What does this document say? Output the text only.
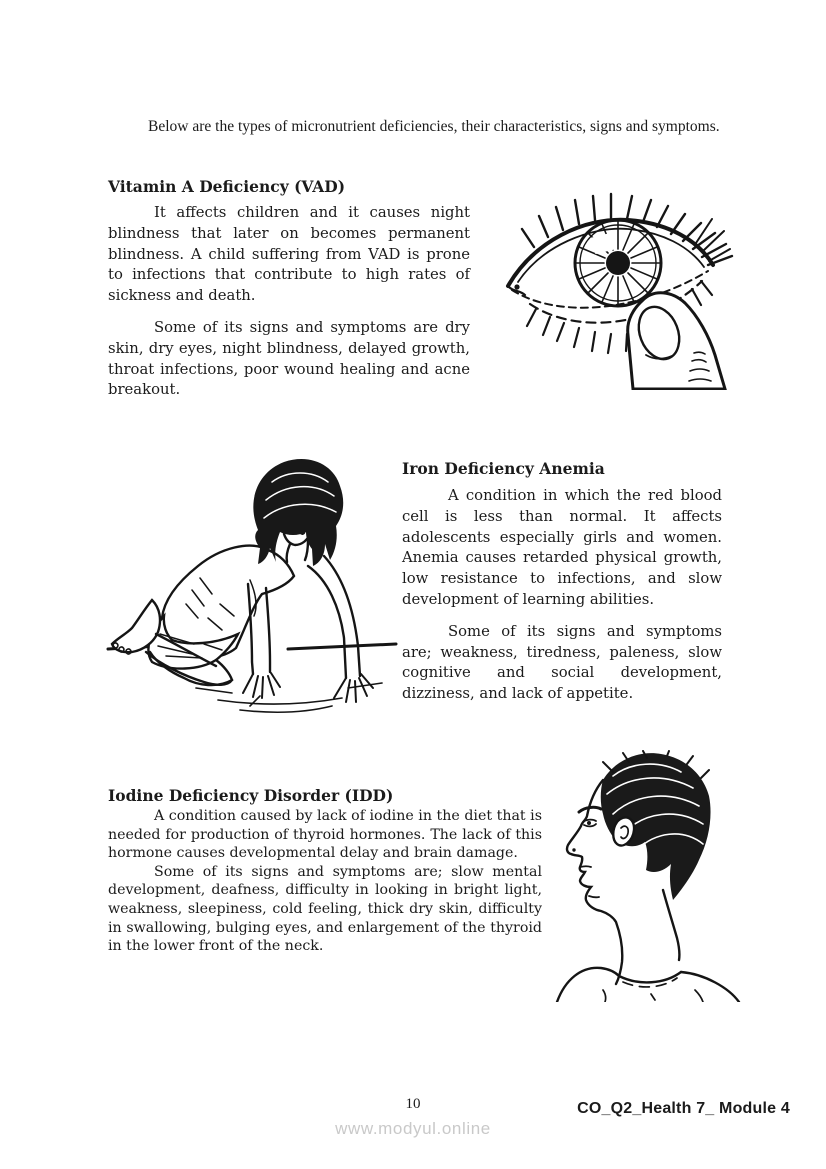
Below are the types of micronutrient deficiencies, their characteristics, signs and symptoms.

Vitamin A Deficiency (VAD)

It affects children and it causes night blindness that later on becomes permanent blindness. A child suffering from VAD is prone to infections that contribute to high rates of sickness and death.

Some of its signs and symptoms are dry skin, dry eyes, night blindness, delayed growth, throat infections, poor wound healing and acne breakout.

Iron Deficiency Anemia

A condition in which the red blood cell is less than normal. It affects adolescents especially girls and women. Anemia causes retarded physical growth, low resistance to infections, and slow development of learning abilities.

Some of its signs and symptoms are; weakness, tiredness, paleness, slow cognitive and social development, dizziness, and lack of appetite.

Iodine Deficiency Disorder (IDD)

A condition caused by lack of iodine in the diet that is needed for production of thyroid hormones. The lack of this hormone causes developmental delay and brain damage.

Some of its signs and symptoms are; slow mental development, deafness, difficulty in looking in bright light, weakness, sleepiness, cold feeling, thick dry skin, difficulty in swallowing, bulging eyes, and enlargement of the thyroid in the lower front of the neck.

10	CO_Q2_Health 7_ Module 4
www.modyul.online
